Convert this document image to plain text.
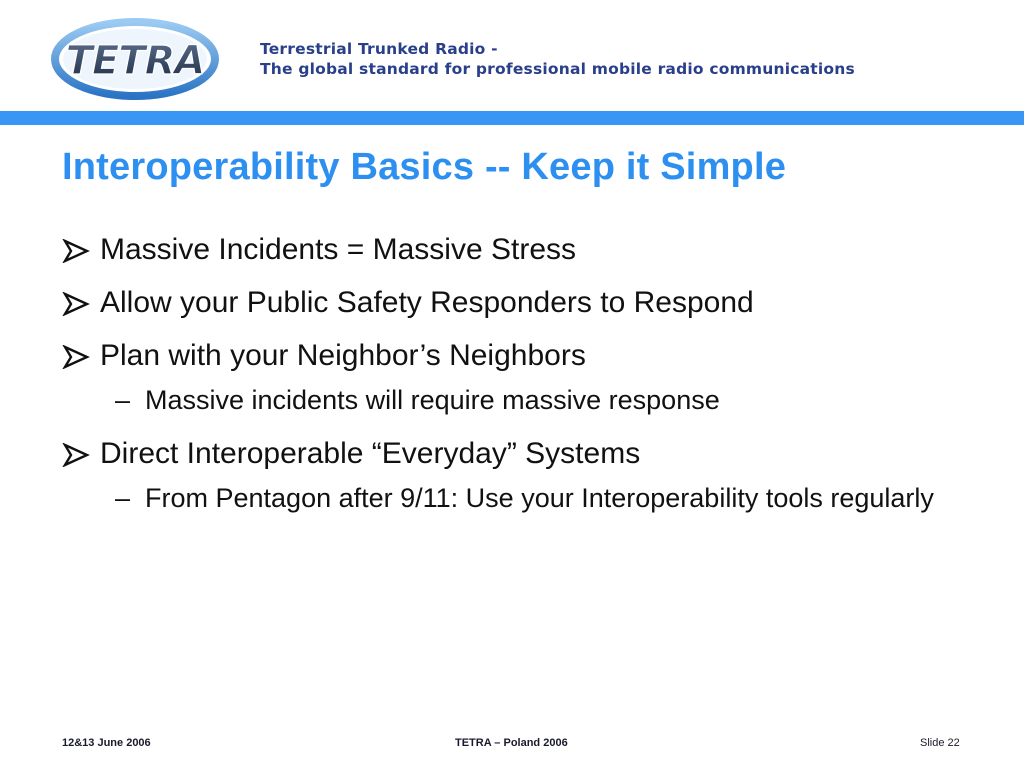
TETRA	Terrestrial Trunked Radio -
The global standard for professional mobile radio communications
Interoperability Basics -- Keep it Simple
Massive Incidents = Massive Stress
Allow your Public Safety Responders to Respond
Plan with your Neighbor’s Neighbors
– Massive incidents will require massive response
Direct Interoperable “Everyday” Systems
– From Pentagon after 9/11: Use your Interoperability tools regularly
12&13 June 2006	TETRA – Poland 2006	Slide 22
